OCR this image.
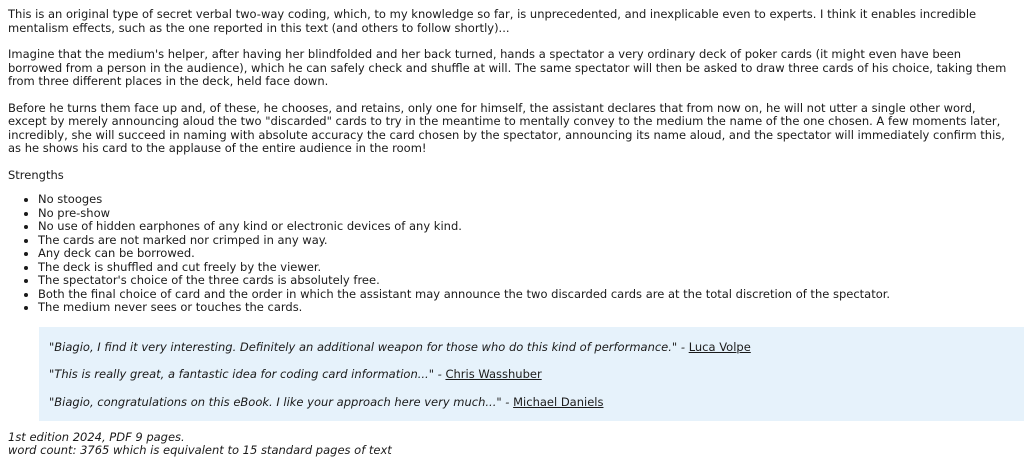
This is an original type of secret verbal two-way coding, which, to my knowledge so far, is unprecedented, and inexplicable even to experts. I think it enables incredible mentalism effects, such as the one reported in this text (and others to follow shortly)...

Imagine that the medium's helper, after having her blindfolded and her back turned, hands a spectator a very ordinary deck of poker cards (it might even have been borrowed from a person in the audience), which he can safely check and shuffle at will. The same spectator will then be asked to draw three cards of his choice, taking them from three different places in the deck, held face down.

Before he turns them face up and, of these, he chooses, and retains, only one for himself, the assistant declares that from now on, he will not utter a single other word, except by merely announcing aloud the two "discarded" cards to try in the meantime to mentally convey to the medium the name of the one chosen. A few moments later, incredibly, she will succeed in naming with absolute accuracy the card chosen by the spectator, announcing its name aloud, and the spectator will immediately confirm this, as he shows his card to the applause of the entire audience in the room!

Strengths
• No stooges
• No pre-show
• No use of hidden earphones of any kind or electronic devices of any kind.
• The cards are not marked nor crimped in any way.
• Any deck can be borrowed.
• The deck is shuffled and cut freely by the viewer.
• The spectator's choice of the three cards is absolutely free.
• Both the final choice of card and the order in which the assistant may announce the two discarded cards are at the total discretion of the spectator.
• The medium never sees or touches the cards.
"Biagio, I find it very interesting. Definitely an additional weapon for those who do this kind of performance." - Luca Volpe
"This is really great, a fantastic idea for coding card information..." - Chris Wasshuber
"Biagio, congratulations on this eBook. I like your approach here very much..." - Michael Daniels
1st edition 2024, PDF 9 pages.
word count: 3765 which is equivalent to 15 standard pages of text
